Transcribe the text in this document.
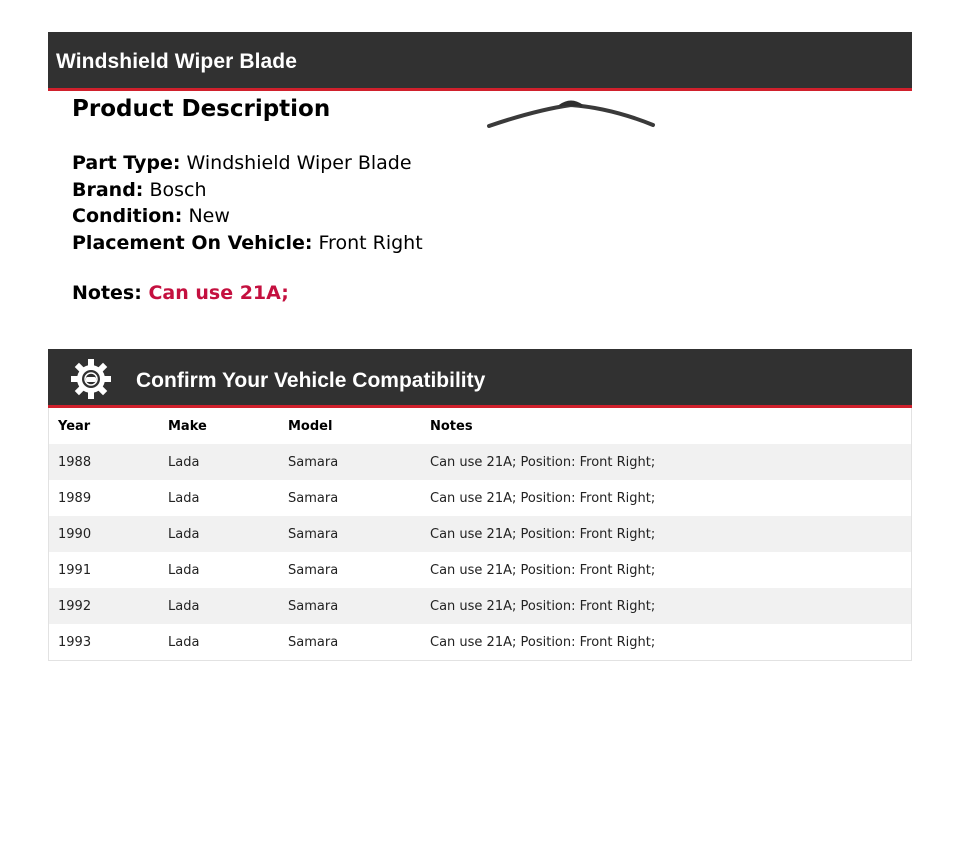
Windshield Wiper Blade
Product Description
Part Type: Windshield Wiper Blade
Brand: Bosch
Condition: New
Placement On Vehicle: Front Right
Notes: Can use 21A;
Confirm Your Vehicle Compatibility
Year	Make	Model	Notes
1988	Lada	Samara	Can use 21A; Position: Front Right;
1989	Lada	Samara	Can use 21A; Position: Front Right;
1990	Lada	Samara	Can use 21A; Position: Front Right;
1991	Lada	Samara	Can use 21A; Position: Front Right;
1992	Lada	Samara	Can use 21A; Position: Front Right;
1993	Lada	Samara	Can use 21A; Position: Front Right;
